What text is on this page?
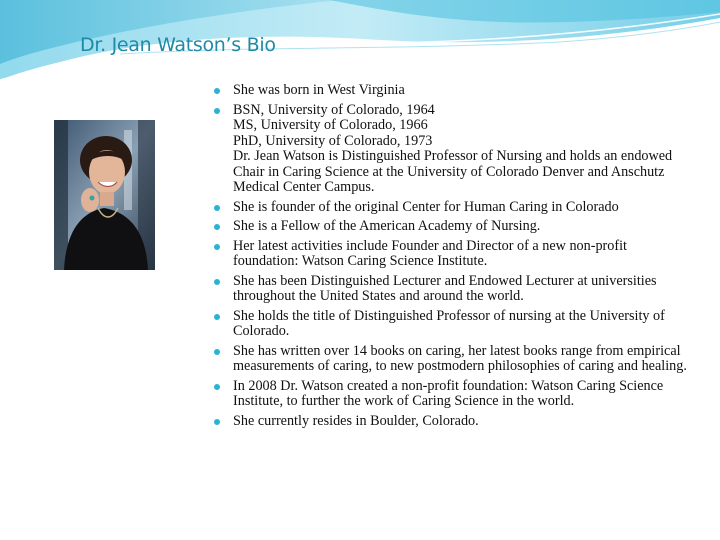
Dr. Jean Watson’s Bio
She was born in West Virginia
BSN, University of Colorado, 1964
MS, University of Colorado, 1966
PhD, University of Colorado, 1973
Dr. Jean Watson is Distinguished Professor of Nursing and holds an endowed Chair in Caring Science at the University of Colorado Denver and Anschutz Medical Center Campus.
She is founder of the original Center for Human Caring in Colorado
She is a Fellow of the American Academy of Nursing.
Her latest activities include Founder and Director of a new non-profit foundation: Watson Caring Science Institute.
She has been Distinguished Lecturer and Endowed Lecturer at universities throughout the United States and around the world.
She holds the title of Distinguished Professor of nursing at the University of Colorado.
She has written over 14 books on caring, her latest books range from empirical measurements of caring, to new postmodern philosophies of caring and healing.
In 2008 Dr. Watson created a non-profit foundation: Watson Caring Science Institute, to further the work of Caring Science in the world.
She currently resides in Boulder, Colorado.
